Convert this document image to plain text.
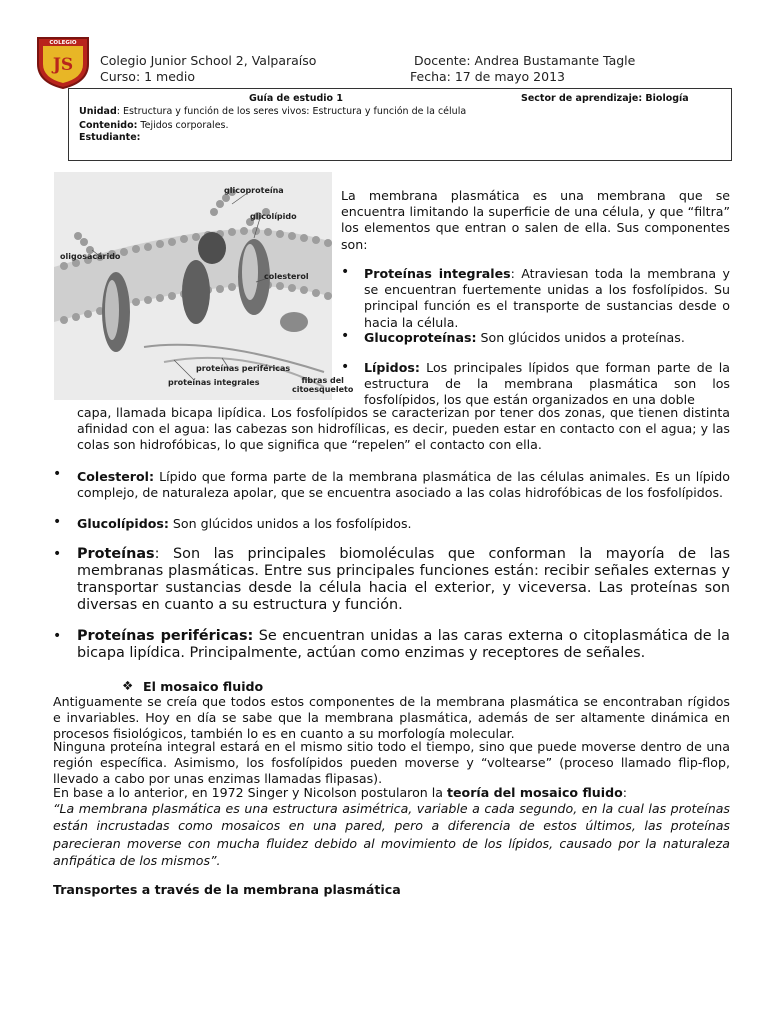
JS
COLEGIO
Colegio Junior School 2, Valparaíso
Curso: 1 medio
Docente: Andrea Bustamante Tagle
Fecha: 17 de mayo 2013
Guía de estudio 1	Sector de aprendizaje: Biología
Unidad: Estructura y función de los seres vivos: Estructura y función de la célula
Contenido: Tejidos corporales.
Estudiante:
glicoproteína
glicolípido
oligosacárido
colesterol
proteínas periféricas
proteínas integrales	fibras del
citoesqueleto
La membrana plasmática es una membrana que se encuentra limitando la superficie de una célula, y que “filtra” los elementos que entran o salen de ella. Sus componentes son:
• Proteínas integrales: Atraviesan toda la membrana y se encuentran fuertemente unidas a los fosfolípidos. Su principal función es el transporte de sustancias desde o hacia la célula.
• Glucoproteínas: Son glúcidos unidos a proteínas.
• Lípidos: Los principales lípidos que forman parte de la estructura de la membrana plasmática son los fosfolípidos, los que están organizados en una doble
capa, llamada bicapa lipídica. Los fosfolípidos se caracterizan por tener dos zonas, que tienen distinta afinidad con el agua: las cabezas son hidrofílicas, es decir, pueden estar en contacto con el agua; y las colas son hidrofóbicas, lo que significa que “repelen” el contacto con ella.
• Colesterol: Lípido que forma parte de la membrana plasmática de las células animales. Es un lípido complejo, de naturaleza apolar, que se encuentra asociado a las colas hidrofóbicas de los fosfolípidos.
• Glucolípidos: Son glúcidos unidos a los fosfolípidos.
• Proteínas: Son las principales biomoléculas que conforman la mayoría de las membranas plasmáticas. Entre sus principales funciones están: recibir señales externas y transportar sustancias desde la célula hacia el exterior, y viceversa. Las proteínas son diversas en cuanto a su estructura y función.
• Proteínas periféricas: Se encuentran unidas a las caras externa o citoplasmática de la bicapa lipídica. Principalmente, actúan como enzimas y receptores de señales.
❖ El mosaico fluido
Antiguamente se creía que todos estos componentes de la membrana plasmática se encontraban rígidos e invariables. Hoy en día se sabe que la membrana plasmática, además de ser altamente dinámica en procesos fisiológicos, también lo es en cuanto a su morfología molecular.
Ninguna proteína integral estará en el mismo sitio todo el tiempo, sino que puede moverse dentro de una región específica. Asimismo, los fosfolípidos pueden moverse y “voltearse” (proceso llamado flip-flop, llevado a cabo por unas enzimas llamadas flipasas).
En base a lo anterior, en 1972 Singer y Nicolson postularon la teoría del mosaico fluido:
“La membrana plasmática es una estructura asimétrica, variable a cada segundo, en la cual las proteínas están incrustadas como mosaicos en una pared, pero a diferencia de estos últimos, las proteínas parecieran moverse con mucha fluidez debido al movimiento de los lípidos, causado por la naturaleza anfipática de los mismos”.
Transportes a través de la membrana plasmática
